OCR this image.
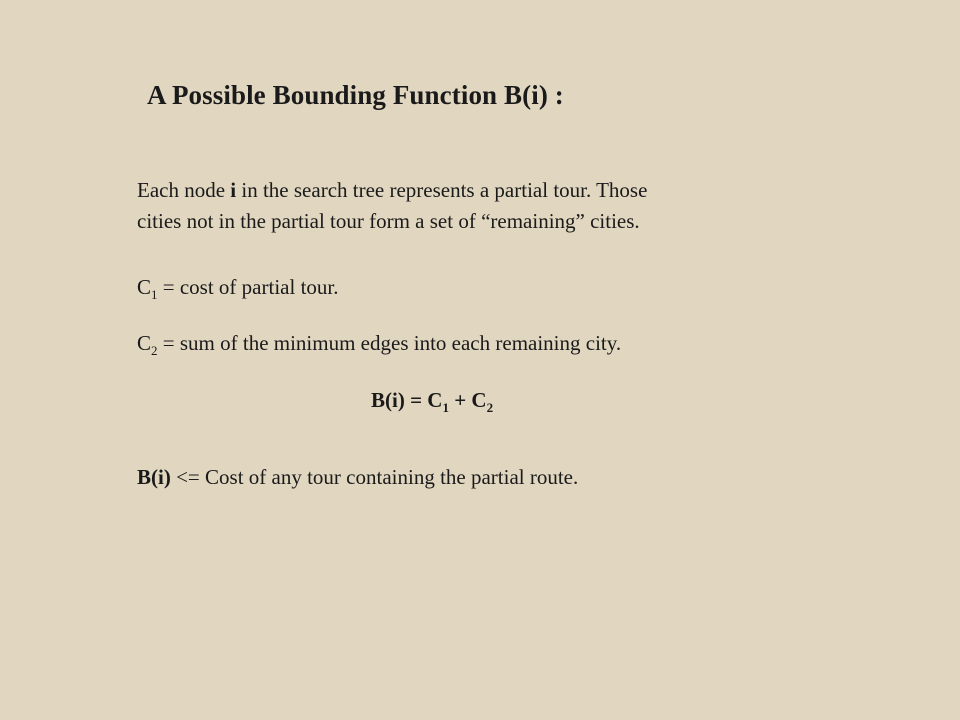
A Possible Bounding Function B(i) :
Each node i in the search tree represents a partial tour. Those
cities not in the partial tour form a set of “remaining” cities.
$C_1 = \cos t$ of partial tour.
$C_2$ = sum of the minimum edges into each remaining city.
$B(i) = C_1 + C_2$
B(i) <= Cost of any tour containing the partial route.
